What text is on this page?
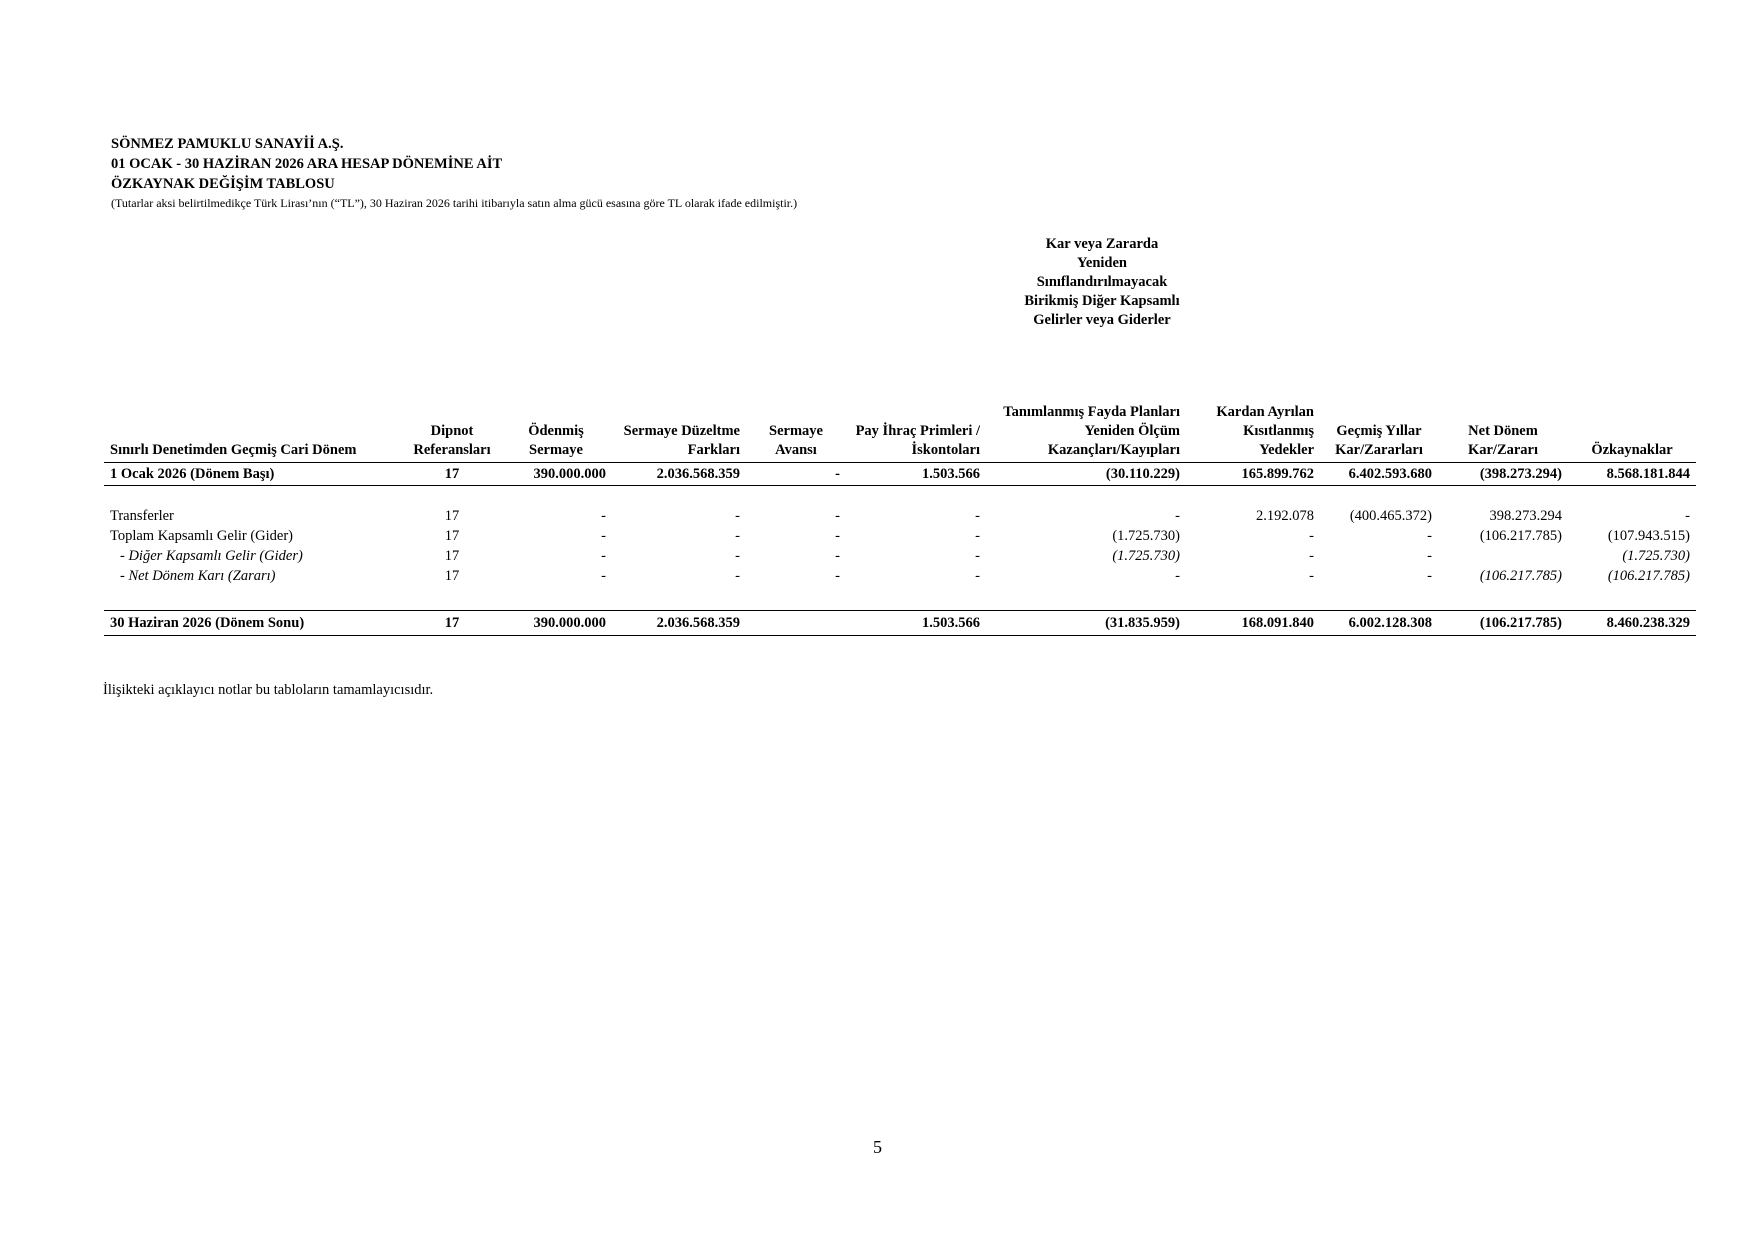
SÖNMEZ PAMUKLU SANAYİİ A.Ş.
01 OCAK - 30 HAZİRAN 2026 ARA HESAP DÖNEMİNE AİT
ÖZKAYNAK DEĞİŞİM TABLOSU
(Tutarlar aksi belirtilmedikçe Türk Lirası’nın (“TL”), 30 Haziran 2026 tarihi itibarıyla satın alma gücü esasına göre TL olarak ifade edilmiştir.)
Kar veya Zararda
Yeniden
Sınıflandırılmayacak
Birikmiş Diğer Kapsamlı
Gelirler veya Giderler
Sınırlı Denetimden Geçmiş Cari Dönem	Dipnot Referansları	Ödenmiş Sermaye	Sermaye Düzeltme Farkları	Sermaye Avansı	Pay İhraç Primleri /İskontoları	Tanımlanmış Fayda Planları Yeniden Ölçüm Kazançları/Kayıpları	Kardan Ayrılan Kısıtlanmış Yedekler	Geçmiş Yıllar Kar/Zararları	Net Dönem Kar/Zararı	Özkaynaklar
1 Ocak 2026 (Dönem Başı)	17	390.000.000	2.036.568.359	-	1.503.566	(30.110.229)	165.899.762	6.402.593.680	(398.273.294)	8.568.181.844

Transferler	17	-	-	-	-	-	2.192.078	(400.465.372)	398.273.294	-
Toplam Kapsamlı Gelir (Gider)	17	-	-	-	-	(1.725.730)	-	-	(106.217.785)	(107.943.515)
- Diğer Kapsamlı Gelir (Gider)	17	-	-	-	-	(1.725.730)	-	-		(1.725.730)
- Net Dönem Karı (Zararı)	17	-	-	-	-	-	-	-	(106.217.785)	(106.217.785)

30 Haziran 2026 (Dönem Sonu)	17	390.000.000	2.036.568.359		1.503.566	(31.835.959)	168.091.840	6.002.128.308	(106.217.785)	8.460.238.329
İlişikteki açıklayıcı notlar bu tabloların tamamlayıcısıdır.
5
